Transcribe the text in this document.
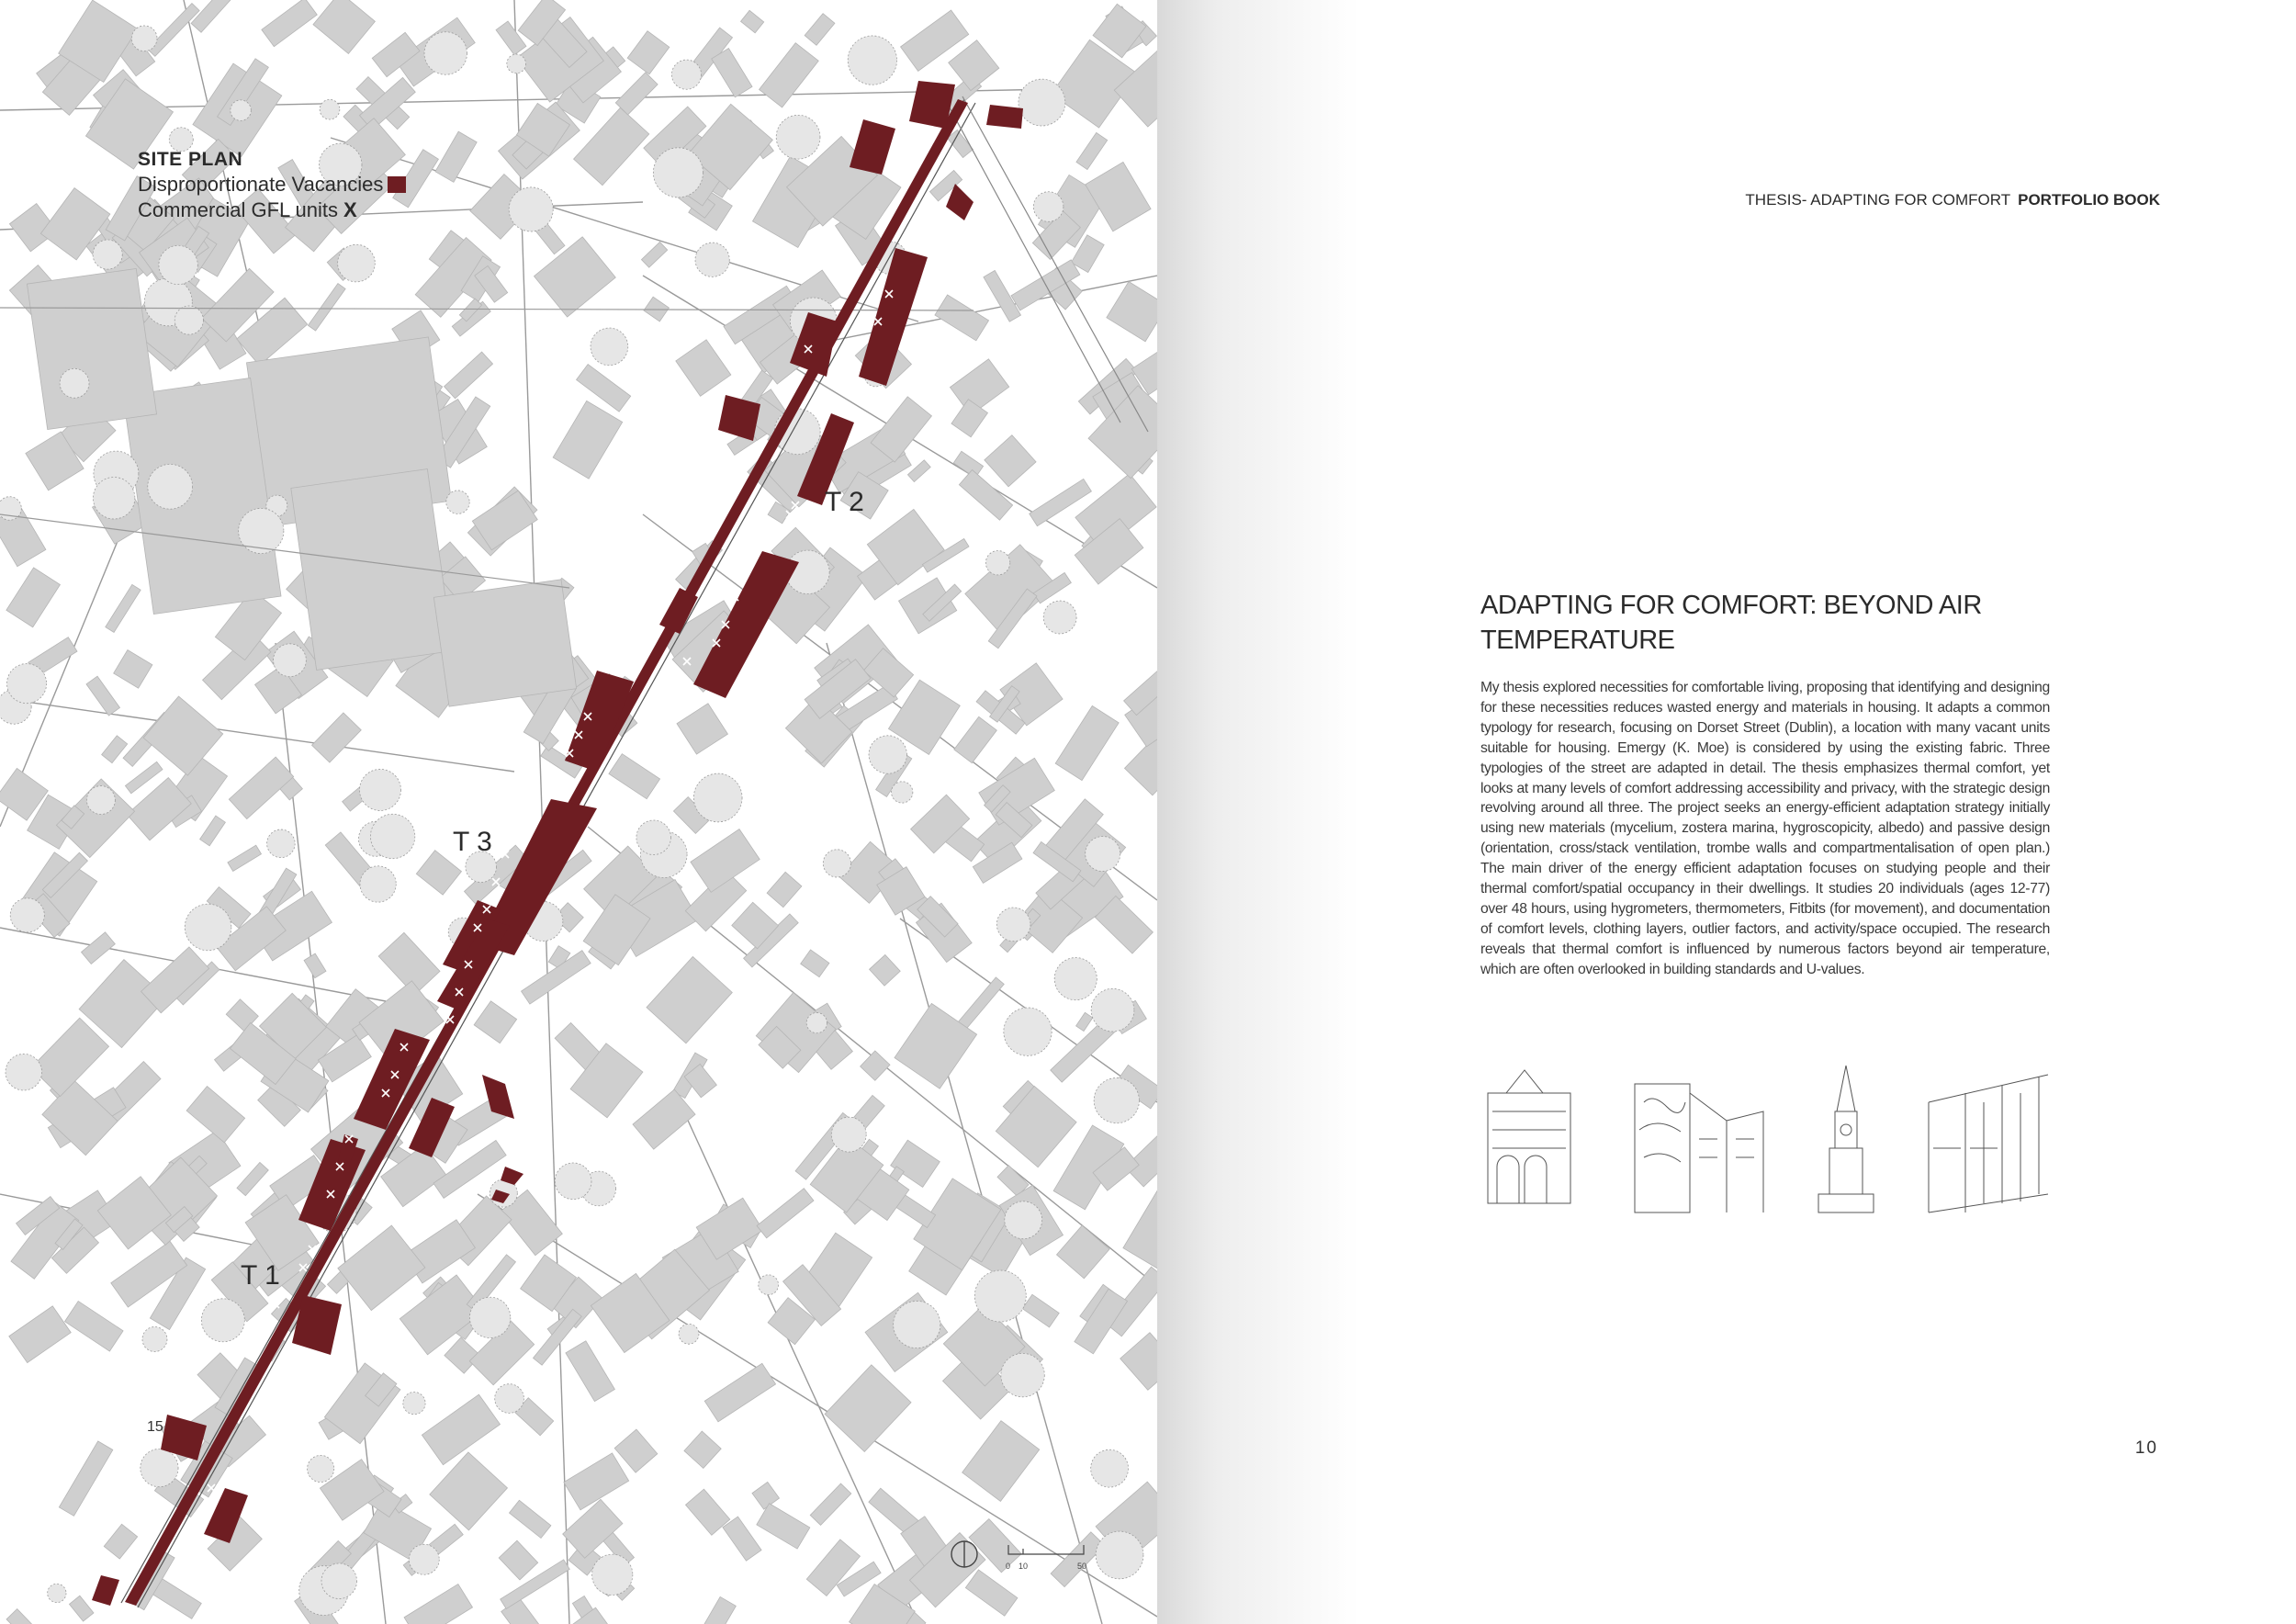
SITE PLAN
Disproportionate Vacancies
Commercial GFL units X
T 2
T 3
T 1
15
0 10	50
THESIS- ADAPTING FOR COMFORT PORTFOLIO BOOK
ADAPTING FOR COMFORT: BEYOND AIR TEMPERATURE
My thesis explored necessities for comfortable living, proposing that identifying and designing for these necessities reduces wasted energy and materials in housing. It adapts a common typology for research, focusing on Dorset Street (Dublin), a location with many vacant units suitable for housing. Emergy (K. Moe) is considered by using the existing fabric. Three typologies of the street are adapted in detail. The thesis emphasizes thermal comfort, yet looks at many levels of comfort addressing accessibility and privacy, with the strategic design revolving around all three. The project seeks an energy-efficient adaptation strategy initially using new materials (mycelium, zostera marina, hygroscopicity, albedo) and passive design (orientation, cross/stack ventilation, trombe walls and compartmentalisation of open plan.) The main driver of the energy efficient adaptation focuses on studying people and their thermal comfort/spatial occupancy in their dwellings. It studies 20 individuals (ages 12-77) over 48 hours, using hygrometers, thermometers, Fitbits (for movement), and documentation of comfort levels, clothing layers, outlier factors, and activity/space occupied. The research reveals that thermal comfort is influenced by numerous factors beyond air temperature, which are often overlooked in building standards and U-values.
10
